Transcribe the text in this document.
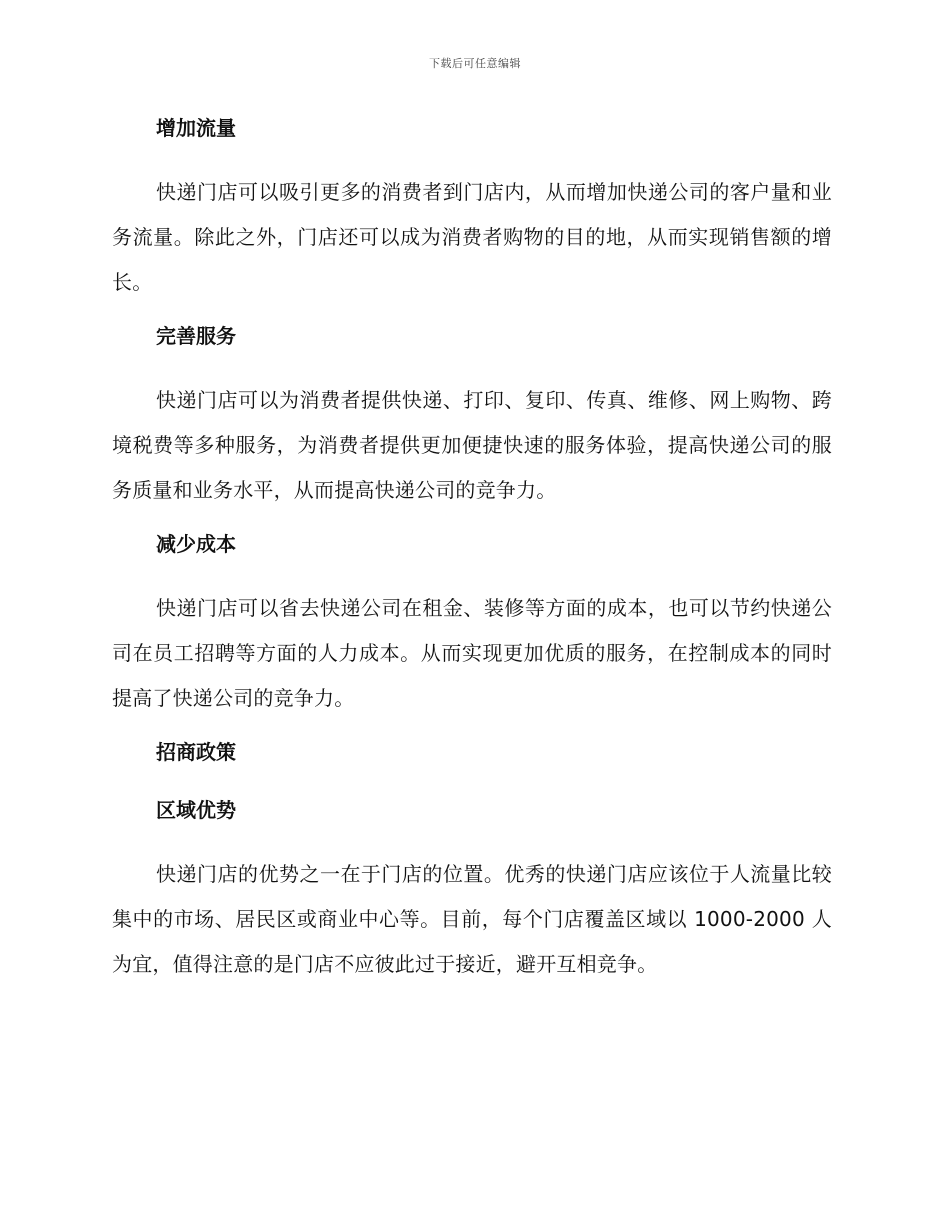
下载后可任意编辑
增加流量

快递门店可以吸引更多的消费者到门店内，从而增加快递公司的客户量和业务流量。除此之外，门店还可以成为消费者购物的目的地，从而实现销售额的增长。

完善服务

快递门店可以为消费者提供快递、打印、复印、传真、维修、网上购物、跨境税费等多种服务，为消费者提供更加便捷快速的服务体验，提高快递公司的服务质量和业务水平，从而提高快递公司的竞争力。

减少成本

快递门店可以省去快递公司在租金、装修等方面的成本，也可以节约快递公司在员工招聘等方面的人力成本。从而实现更加优质的服务，在控制成本的同时提高了快递公司的竞争力。

招商政策
区域优势

快递门店的优势之一在于门店的位置。优秀的快递门店应该位于人流量比较集中的市场、居民区或商业中心等。目前，每个门店覆盖区域以 1000-2000 人为宜，值得注意的是门店不应彼此过于接近，避开互相竞争。
